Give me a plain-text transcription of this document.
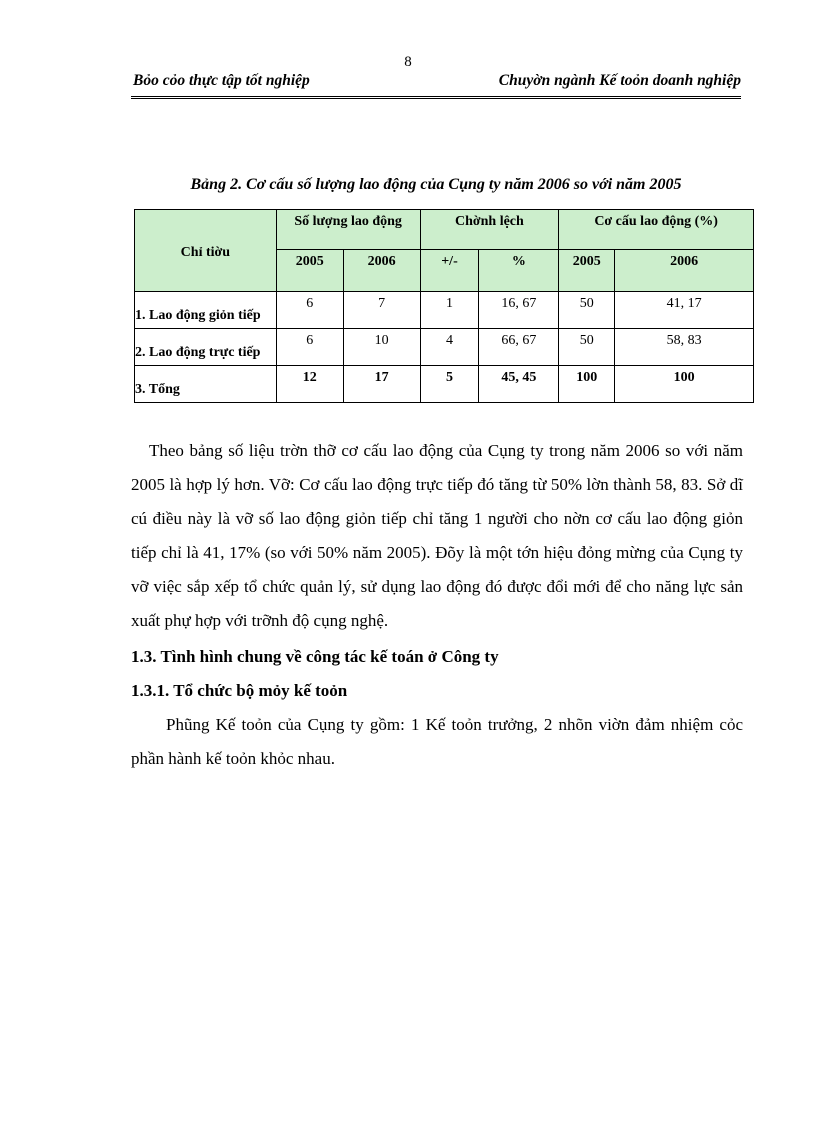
8
Bỏo cỏo thực tập tốt nghiệp	Chuyờn ngành Kế toỏn doanh nghiệp
Bảng 2. Cơ cấu số lượng lao động của Cụng ty năm 2006 so với năm 2005
Chỉ tiờu	Số lượng lao động		Chờnh lệch		Cơ cấu lao động (%)	
	2005	2006	+/-	%	2005	2006
1. Lao động giỏn tiếp	6	7	1	16, 67	50	41, 17
2. Lao động trực tiếp	6	10	4	66, 67	50	58, 83
3. Tổng	12	17	5	45, 45	100	100

Theo bảng số liệu trờn thỡ cơ cấu lao động của Cụng ty trong năm 2006 so với năm 2005 là hợp lý hơn. Vỡ: Cơ cấu lao động trực tiếp đó tăng từ 50% lờn thành 58, 83. Sở dĩ cú điều này là vỡ số lao động giỏn tiếp chỉ tăng 1 người cho nờn cơ cấu lao động giỏn tiếp chỉ là 41, 17% (so với 50% năm 2005). Đõy là một tớn hiệu đỏng mừng của Cụng ty vỡ việc sắp xếp tổ chức quản lý, sử dụng lao động đó được đổi mới để cho năng lực sản xuất phự hợp với trỡnh độ cụng nghệ.

1.3. Tình hình chung về công tác kế toán ở Công ty
1.3.1. Tổ chức bộ mỏy kế toỏn

Phũng Kế toỏn của Cụng ty gồm: 1 Kế toỏn trưởng, 2 nhõn viờn đảm nhiệm cỏc phần hành kế toỏn khỏc nhau.
